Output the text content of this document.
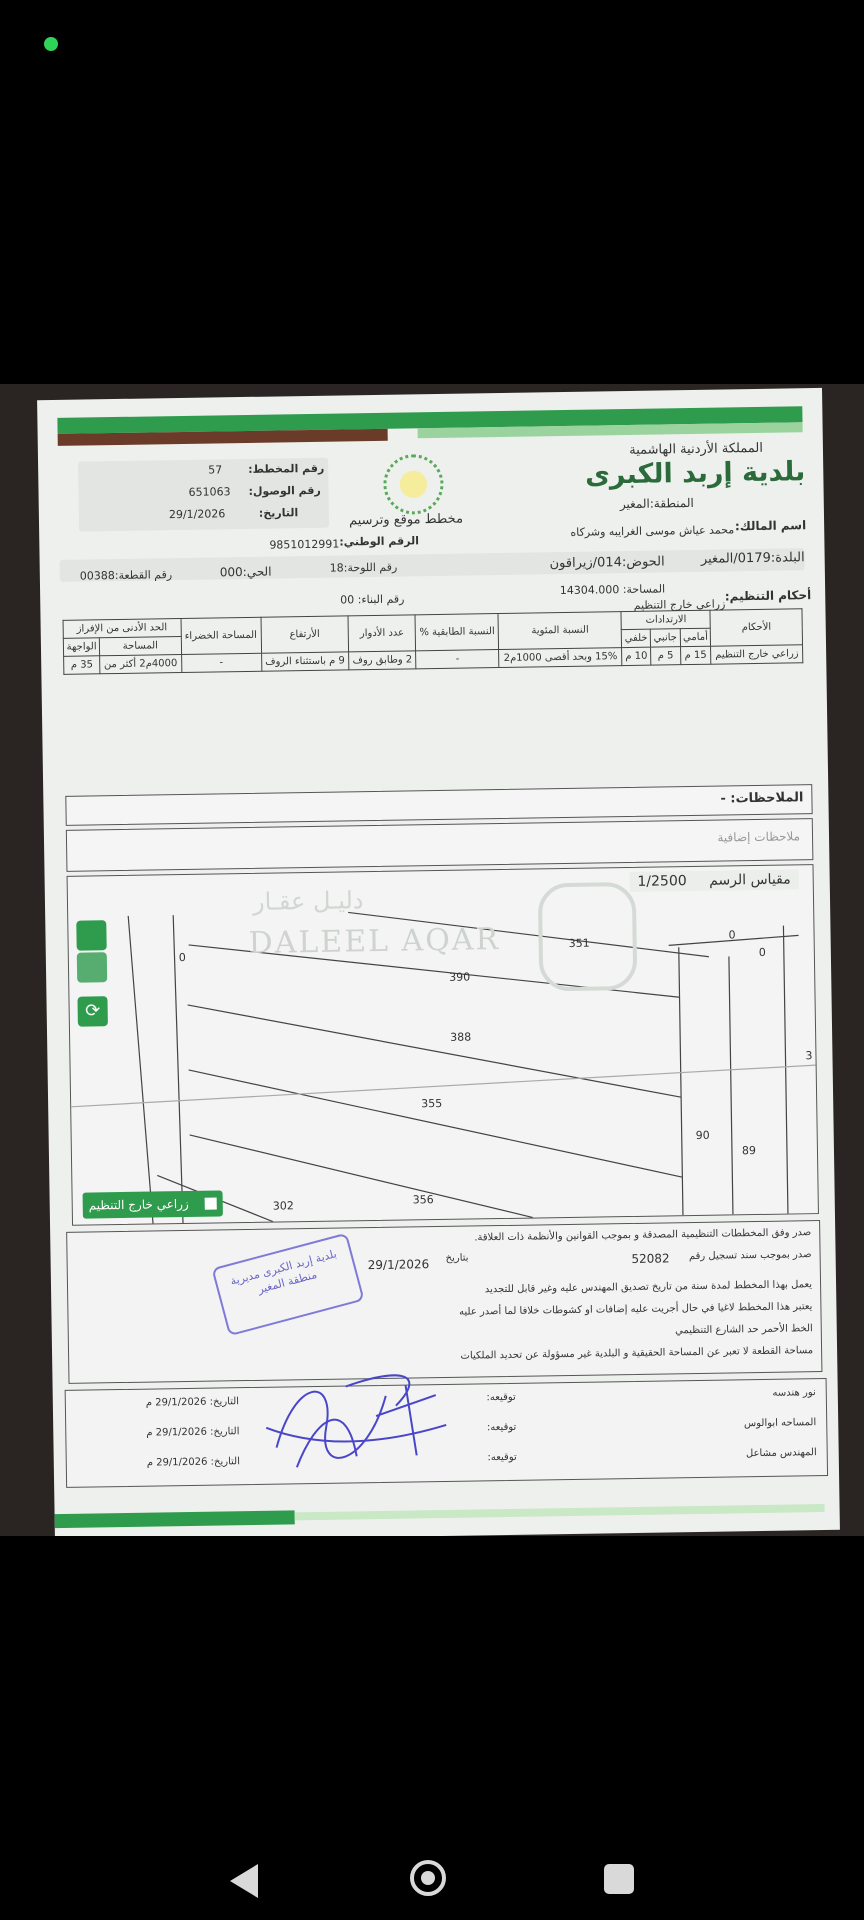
المملكة الأردنية الهاشمية
بلدية إربد الكبرى
المنطقة:المغير
مخطط موقع وترسيم
رقم المخطط:
57
رقم الوصول:
651063
التاريخ:
29/1/2026
اسم المالك:
محمد عياش موسى الغرايبه وشركاه
الرقم الوطني:
9851012991
البلدة:0179/المغير
الحوض:014/زيراقون
رقم اللوحة:18
الحي:000
رقم القطعة:00388
المساحة: 14304.000
رقم البناء: 00	أحكام التنظيم:
زراعي خارج التنظيم
الأحكام	الارتدادات			النسبة المئوية	النسبة الطابقية %	عدد الأدوار	الأرتفاع	المساحة الخضراء	الحد الأدنى من الإفراز	
	أمامي	جانبي	خلفي						المساحة	الواجهة
زراعي خارج التنظيم	15 م	5 م	10 م	15% وبحد أقصى 1000م2	-	2 وطابق روف	9 م باستثناء الروف	-	4000م2 أكثر من	35 م
الملاحظات: -
ملاحظات إضافية
دليـل عقـار
DALEEL AQAR
مقياس الرسم 1/2500
⟳
351
390
388
355
302	356
90
89
0
0
0
3
زراعي خارج التنظيم
صدر وفق المخططات التنظيمية المصدقة و بموجب القوانين والأنظمة ذات العلاقة.
صدر بموجب سند تسجيل رقم
52082
بتاريخ
29/1/2026
يعمل بهذا المخطط لمدة سنة من تاريخ تصديق المهندس عليه وغير قابل للتجديد
يعتبر هذا المخطط لاغيا في حال أجريت عليه إضافات او كشوطات خلافا لما أصدر عليه
الخط الأحمر حد الشارع التنظيمي
مساحة القطعة لا تعبر عن المساحة الحقيقية و البلدية غير مسؤولة عن تحديد الملكيات
بلدية إربد الكبرى مديرية منطقة المغير
نور هندسه
توقيعه:
التاريخ: 29/1/2026 م
المساحه ابوالوس
توقيعه:
التاريخ: 29/1/2026 م
المهندس مشاعل
توقيعه:
التاريخ: 29/1/2026 م
